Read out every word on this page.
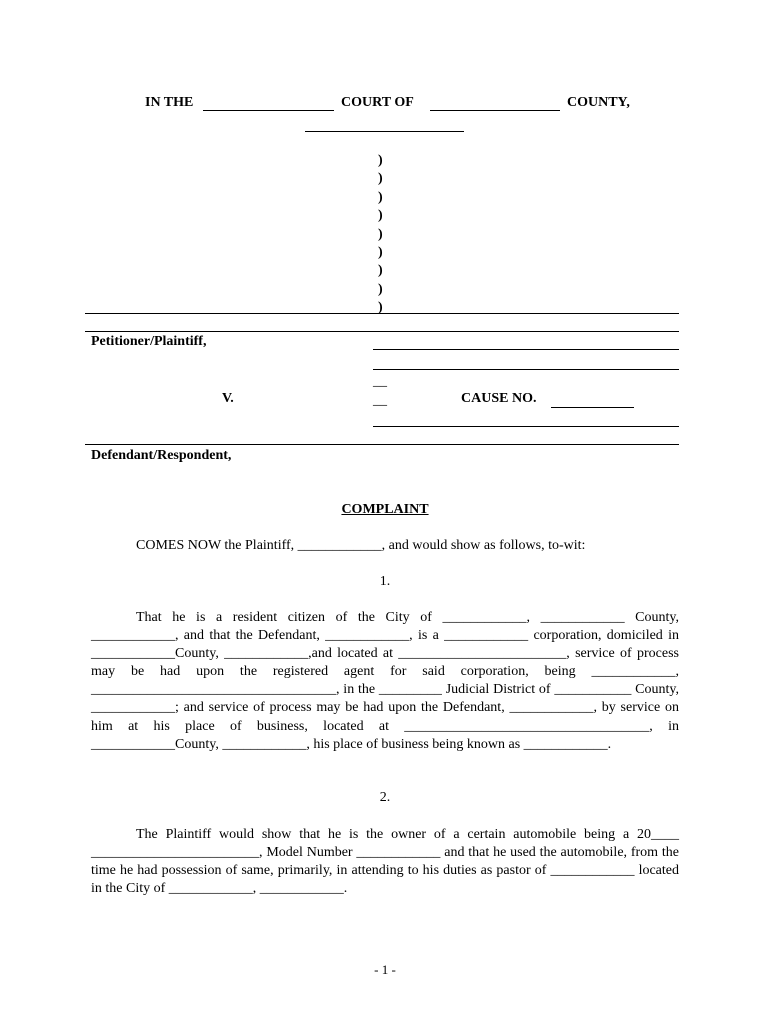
IN THE	COURT OF	COUNTY,
)
)
)
)
)
)
)
)
)
Petitioner/Plaintiff,
__
V.	__	CAUSE NO.
Defendant/Respondent,
COMPLAINT
COMES NOW the Plaintiff, ____________, and would show as follows, to-wit:
1.
That he is a resident citizen of the City of ____________, ____________ County, ____________, and that the Defendant, ____________, is a ____________ corporation, domiciled in ____________County, ____________,and located at ________________________, service of process may be had upon the registered agent for said corporation, being ____________, ___________________________________, in the _________ Judicial District of ___________ County, ____________; and service of process may be had upon the Defendant, ____________, by service on him at his place of business, located at ___________________________________, in ____________County, ____________, his place of business being known as ____________.
2.
The Plaintiff would show that he is the owner of a certain automobile being a 20____ ________________________, Model Number ____________ and that he used the automobile, from the time he had possession of same, primarily, in attending to his duties as pastor of ____________ located in the City of ____________, ____________.
- 1 -
